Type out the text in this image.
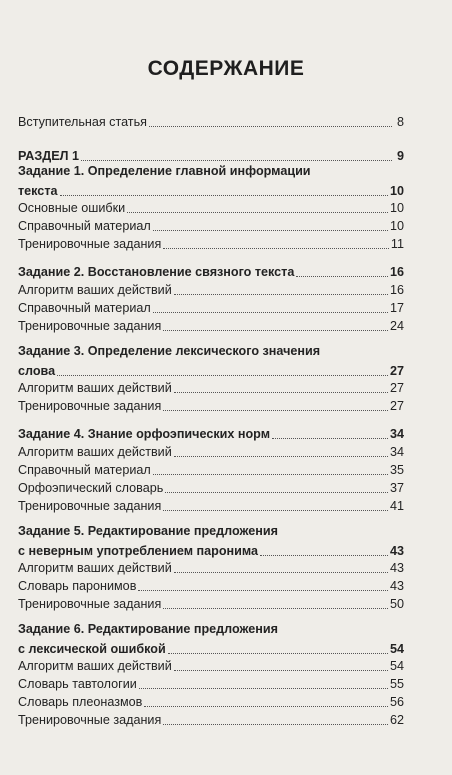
СОДЕРЖАНИЕ
Вступительная статья	8
РАЗДЕЛ 1	9
Задание 1. Определение главной информации
текста	10
Основные ошибки	10
Справочный материал	10
Тренировочные задания	11
Задание 2. Восстановление связного текста	16
Алгоритм ваших действий	16
Справочный материал	17
Тренировочные задания	24
Задание 3. Определение лексического значения
слова	27
Алгоритм ваших действий	27
Тренировочные задания	27
Задание 4. Знание орфоэпических норм	34
Алгоритм ваших действий	34
Справочный материал	35
Орфоэпический словарь	37
Тренировочные задания	41
Задание 5. Редактирование предложения
с неверным употреблением паронима	43
Алгоритм ваших действий	43
Словарь паронимов	43
Тренировочные задания	50
Задание 6. Редактирование предложения
с лексической ошибкой	54
Алгоритм ваших действий	54
Словарь тавтологии	55
Словарь плеоназмов	56
Тренировочные задания	62
